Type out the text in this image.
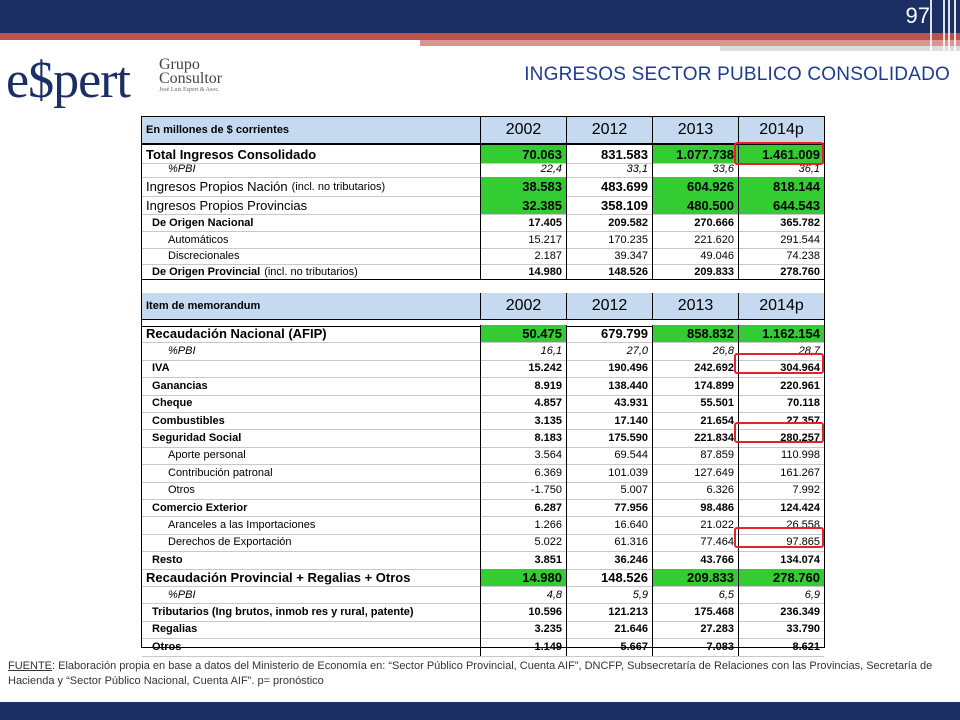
97
e$pert Grupo
Consultor
José Luis Espert & Asoc.
INGRESOS SECTOR PUBLICO CONSOLIDADO
En millones de $ corrientes	2002	2012	2013	2014p
Total Ingresos Consolidado	70.063	831.583	1.077.738	1.461.009
%PBI	22,4	33,1	33,6	36,1
Ingresos Propios Nación (incl. no tributarios)	38.583	483.699	604.926	818.144
Ingresos Propios Provincias	32.385	358.109	480.500	644.543
De Origen Nacional	17.405	209.582	270.666	365.782
Automáticos	15.217	170.235	221.620	291.544
Discrecionales	2.187	39.347	49.046	74.238
De Origen Provincial (incl. no tributarios)	14.980	148.526	209.833	278.760
Item de memorandum	2002	2012	2013	2014p
Recaudación Nacional (AFIP)	50.475	679.799	858.832	1.162.154
%PBI	16,1	27,0	26,8	28,7
IVA	15.242	190.496	242.692	304.964
Ganancias	8.919	138.440	174.899	220.961
Cheque	4.857	43.931	55.501	70.118
Combustibles	3.135	17.140	21.654	27.357
Seguridad Social	8.183	175.590	221.834	280.257
Aporte personal	3.564	69.544	87.859	110.998
Contribución patronal	6.369	101.039	127.649	161.267
Otros	-1.750	5.007	6.326	7.992
Comercio Exterior	6.287	77.956	98.486	124.424
Aranceles a las Importaciones	1.266	16.640	21.022	26.558
Derechos de Exportación	5.022	61.316	77.464	97.865
Resto	3.851	36.246	43.766	134.074
Recaudación Provincial + Regalias + Otros	14.980	148.526	209.833	278.760
%PBI	4,8	5,9	6,5	6,9
Tributarios (Ing brutos, inmob res y rural, patente)	10.596	121.213	175.468	236.349
Regalias	3.235	21.646	27.283	33.790
Otros	1.149	5.667	7.083	8.621
FUENTE: Elaboración propia en base a datos del Ministerio de Economía en: “Sector Público Provincial, Cuenta AIF”, DNCFP, Subsecretaría de Relaciones con las Provincias, Secretaría de Hacienda y “Sector Público Nacional, Cuenta AIF”. p= pronóstico
